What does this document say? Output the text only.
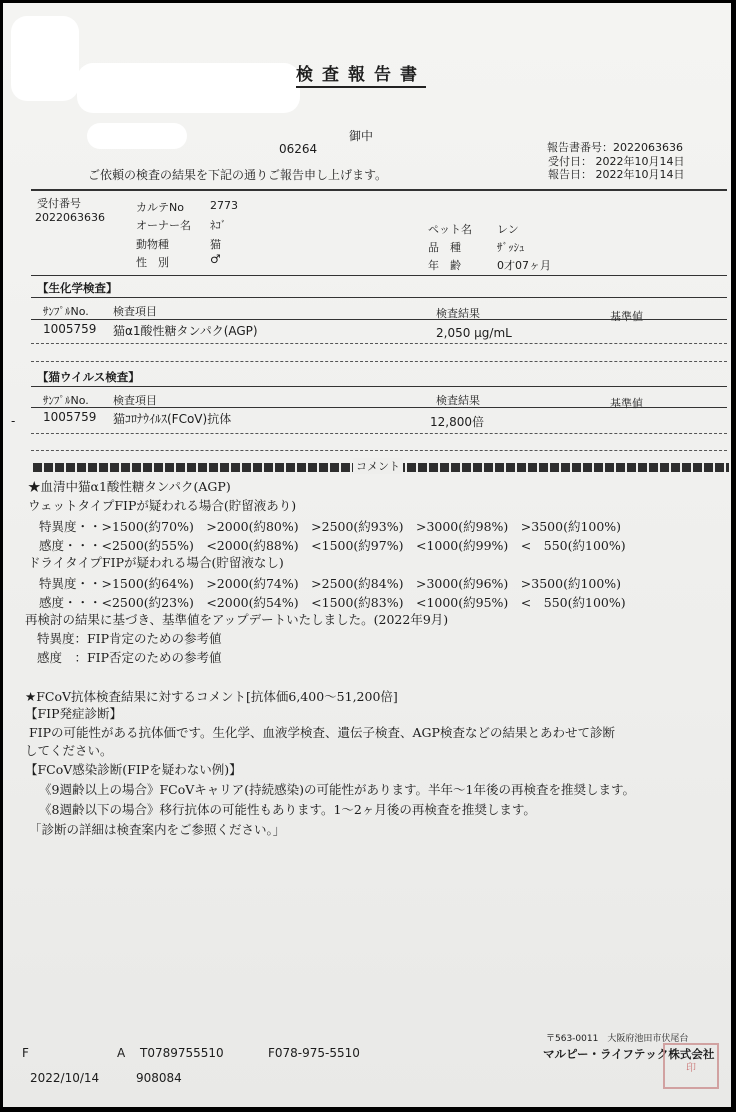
検査報告書
06264
御中
ご依頼の検査の結果を下記の通りご報告申し上げます。
報告書番号：2022063636
受付日： 2022年10月14日
報告日： 2022年10月14日
受付番号
2022063636
カルテNo 2773
オーナー名 ﾈｺﾞ
動物種	猫
性　別	♂
ペット名 レン
品　種	ｻﾞｯｼｭ
年　齢	0才07ヶ月
【生化学検査】
ｻﾝﾌﾟﾙNo. 検査項目	検査結果	基準値
1005759 猫α1酸性糖タンパク(AGP)	2,050 μg/mL
【猫ウイルス検査】
ｻﾝﾌﾟﾙNo. 検査項目	検査結果	基準値
1005759 猫ｺﾛﾅｳｲﾙｽ(FCoV)抗体	12,800倍
コメント
★血清中猫α1酸性糖タンパク(AGP)
ウェットタイプFIPが疑われる場合(貯留液あり)
特異度・・>1500(約70%)　>2000(約80%)　>2500(約93%)　>3000(約98%)　>3500(約100%)
感度・・・<2500(約55%)　<2000(約88%)　<1500(約97%)　<1000(約99%)　<　550(約100%)
ドライタイプFIPが疑われる場合(貯留液なし)
特異度・・>1500(約64%)　>2000(約74%)　>2500(約84%)　>3000(約96%)　>3500(約100%)
感度・・・<2500(約23%)　<2000(約54%)　<1500(約83%)　<1000(約95%)　<　550(約100%)
再検討の結果に基づき、基準値をアップデートいたしました。(2022年9月)
特異度：FIP肯定のための参考値
感度　：FIP否定のための参考値
★FCoV抗体検査結果に対するコメント[抗体価6,400～51,200倍]
【FIP発症診断】
FIPの可能性がある抗体価です。生化学、血液学検査、遺伝子検査、AGP検査などの結果とあわせて診断
してください。
【FCoV感染診断(FIPを疑わない例)】
《9週齢以上の場合》FCoVキャリア(持続感染)の可能性があります。半年～1年後の再検査を推奨します。
《8週齢以下の場合》移行抗体の可能性もあります。1～2ヶ月後の再検査を推奨します。
「診断の詳細は検査案内をご参照ください。」
F	A T0789755510	F078-975-5510
2022/10/14	908084
〒563-0011　大阪府池田市伏尾台
マルピー・ライフテック株式会社
印
-
